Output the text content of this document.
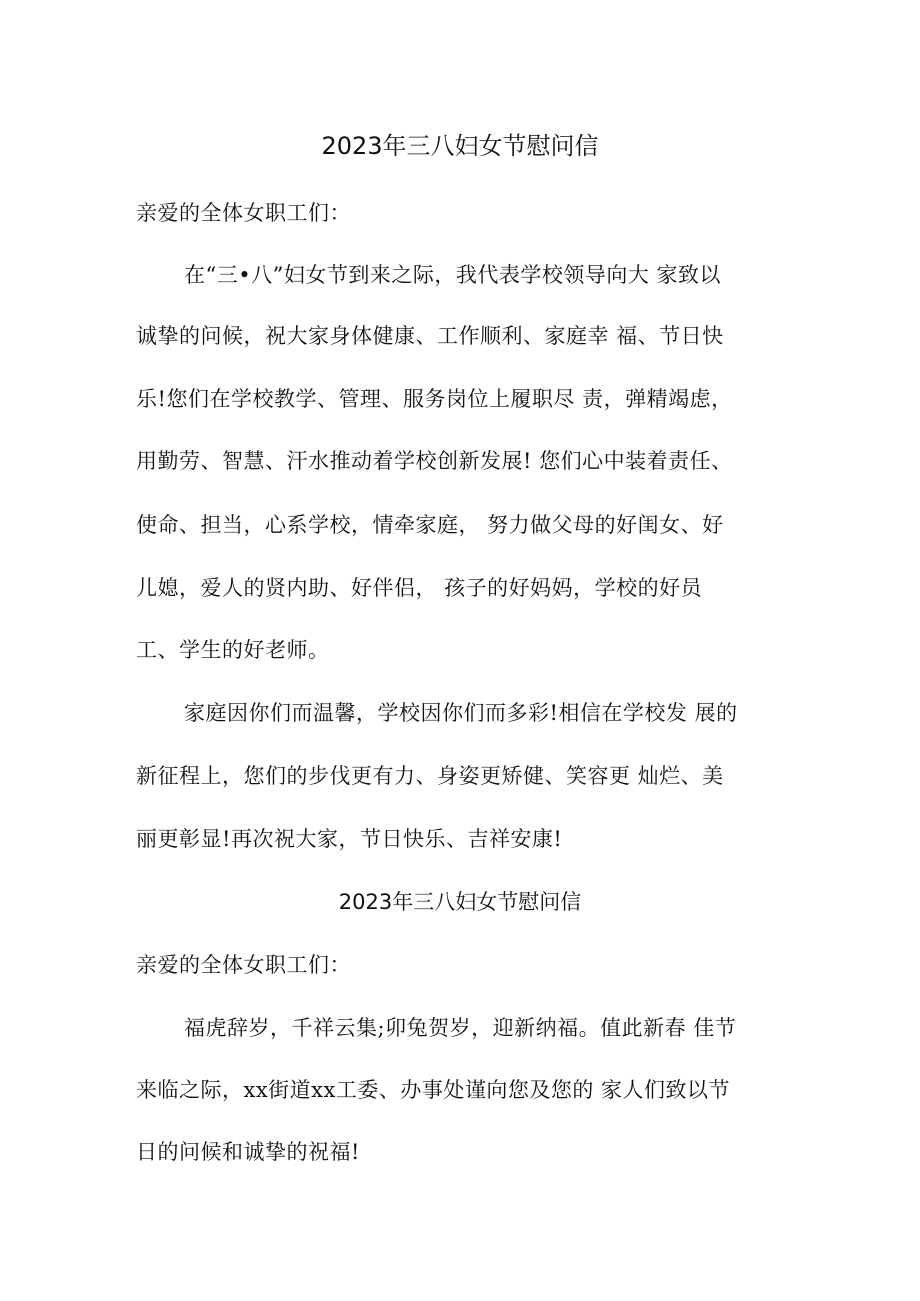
2023年三八妇女节慰问信
亲爱的全体女职工们：
在“三•八”妇女节到来之际，我代表学校领导向大 家致以
诚挚的问候，祝大家身体健康、工作顺利、家庭幸 福、节日快
乐!您们在学校教学、管理、服务岗位上履职尽 责，弹精竭虑，
用勤劳、智慧、汗水推动着学校创新发展! 您们心中装着责任、
使命、担当，心系学校，情牵家庭， 努力做父母的好闺女、好
儿媳，爱人的贤内助、好伴侣， 孩子的好妈妈，学校的好员
工、学生的好老师。
家庭因你们而温馨，学校因你们而多彩!相信在学校发 展的
新征程上，您们的步伐更有力、身姿更矫健、笑容更 灿烂、美
丽更彰显!再次祝大家，节日快乐、吉祥安康!
2023年三八妇女节慰问信
亲爱的全体女职工们：
福虎辞岁，千祥云集;卯兔贺岁，迎新纳福。值此新春 佳节
来临之际，xx街道xx工委、办事处谨向您及您的 家人们致以节
日的问候和诚挚的祝福!
